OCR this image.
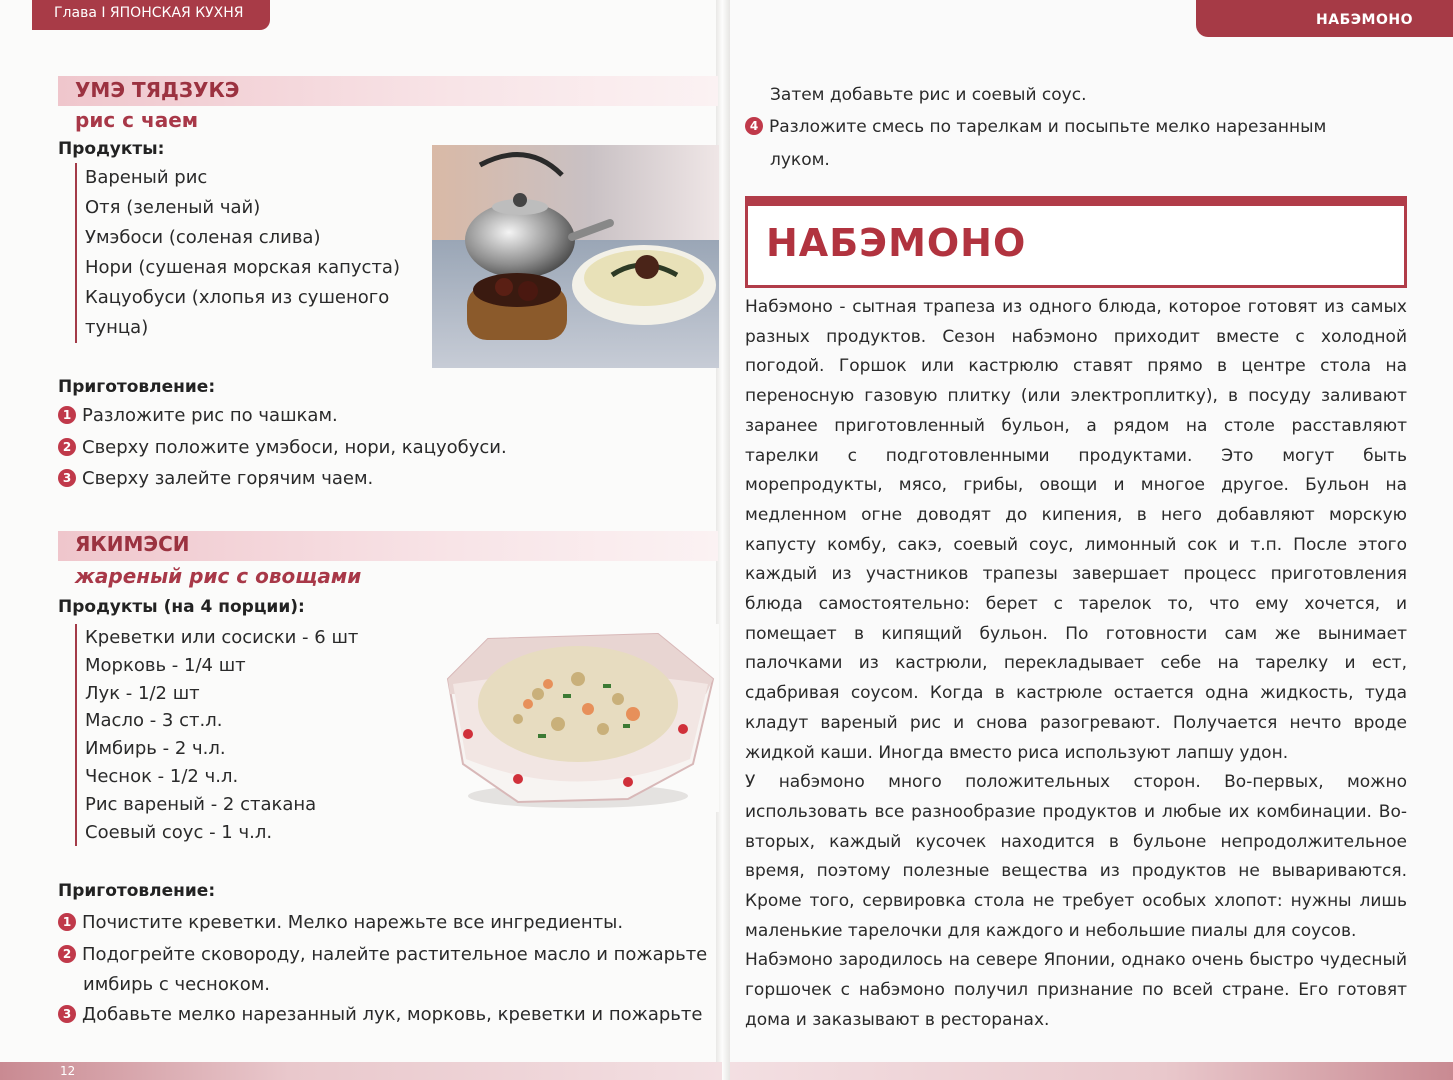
Глава I ЯПОНСКАЯ КУХНЯ	НАБЭМОНО
УМЭ ТЯДЗУКЭ
рис с чаем
Продукты:
Вареный рис
Отя (зеленый чай)
Умэбоси (соленая слива)
Нори (сушеная морская капуста)
Кацуобуси (хлопья из сушеного
тунца)
Приготовление:
1 Разложите рис по чашкам.
2 Сверху положите умэбоси, нори, кацуобуси.
3 Сверху залейте горячим чаем.
ЯКИМЭСИ
жареный рис с овощами
Продукты (на 4 порции):
Креветки или сосиски - 6 шт
Морковь - 1/4 шт
Лук - 1/2 шт
Масло - 3 ст.л.
Имбирь - 2 ч.л.
Чеснок - 1/2 ч.л.
Рис вареный - 2 стакана
Соевый соус - 1 ч.л.
Приготовление:
1 Почистите креветки. Мелко нарежьте все ингредиенты.
2 Подогрейте сковороду, налейте растительное масло и пожарьте
имбирь с чесноком.
3 Добавьте мелко нарезанный лук, морковь, креветки и пожарьте
Затем добавьте рис и соевый соус.
4 Разложите смесь по тарелкам и посыпьте мелко нарезанным
луком.
НАБЭМОНО

Набэмоно - сытная трапеза из одного блюда, которое готовят из самых разных продуктов. Сезон набэмоно приходит вместе с холодной погодой. Горшок или кастрюлю ставят прямо в центре стола на переносную газовую плитку (или электроплитку), в посуду заливают заранее приготовленный бульон, а рядом на столе расставляют тарелки с подготовленными продуктами. Это могут быть морепродукты, мясо, грибы, овощи и многое другое. Бульон на медленном огне доводят до кипения, в него добавляют морскую капусту комбу, сакэ, соевый соус, лимонный сок и т.п. После этого каждый из участников трапезы завершает процесс приготовления блюда самостоятельно: берет с тарелок то, что ему хочется, и помещает в кипящий бульон. По готовности сам же вынимает палочками из кастрюли, перекладывает себе на тарелку и ест, сдабривая соусом. Когда в кастрюле остается одна жидкость, туда кладут вареный рис и снова разогревают. Получается нечто вроде жидкой каши. Иногда вместо риса используют лапшу удон.

У набэмоно много положительных сторон. Во-первых, можно использовать все разнообразие продуктов и любые их комбинации. Во-вторых, каждый кусочек находится в бульоне непродолжительное время, поэтому полезные вещества из продуктов не вывариваются. Кроме того, сервировка стола не требует особых хлопот: нужны лишь маленькие тарелочки для каждого и небольшие пиалы для соусов.

Набэмоно зародилось на севере Японии, однако очень быстро чудесный горшочек с набэмоно получил признание по всей стране. Его готовят дома и заказывают в ресторанах.

12
